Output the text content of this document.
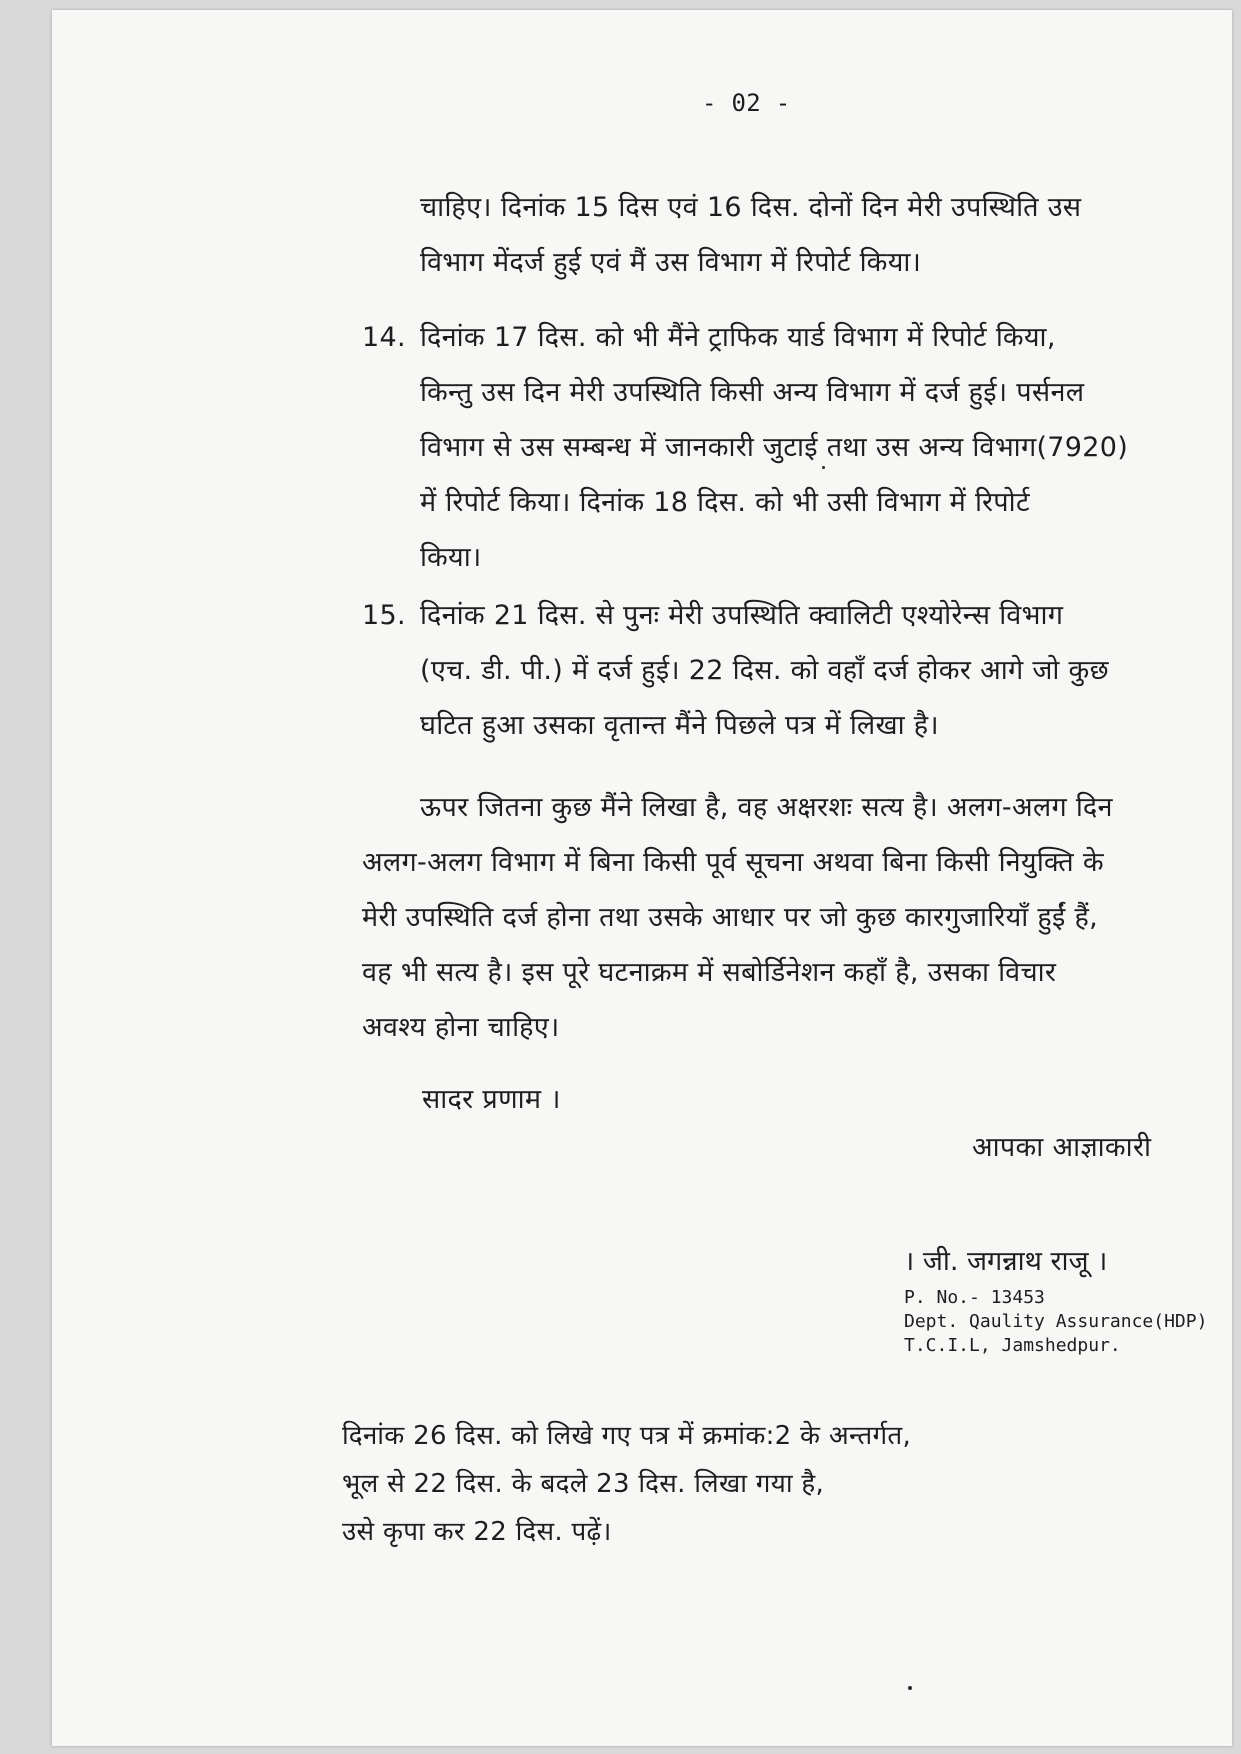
- 02 -
चाहिए। दिनांक 15 दिस एवं 16 दिस. दोनों दिन मेरी उपस्थिति उस
विभाग मेंदर्ज हुई एवं मैं उस विभाग में रिपोर्ट किया।
14. दिनांक 17 दिस. को भी मैंने ट्राफिक यार्ड विभाग में रिपोर्ट किया,
किन्तु उस दिन मेरी उपस्थिति किसी अन्य विभाग में दर्ज हुई। पर्सनल
विभाग से उस सम्बन्ध में जानकारी जुटाई तथा उस अन्य विभाग(7920)
में रिपोर्ट किया। दिनांक 18 दिस. को भी उसी विभाग में रिपोर्ट
किया।
15. दिनांक 21 दिस. से पुनः मेरी उपस्थिति क्वालिटी एश्योरेन्स विभाग
(एच. डी. पी.) में दर्ज हुई। 22 दिस. को वहाँ दर्ज होकर आगे जो कुछ
घटित हुआ उसका वृतान्त मैंने पिछले पत्र में लिखा है।
ऊपर जितना कुछ मैंने लिखा है, वह अक्षरशः सत्य है। अलग-अलग दिन
अलग-अलग विभाग में बिना किसी पूर्व सूचना अथवा बिना किसी नियुक्ति के
मेरी उपस्थिति दर्ज होना तथा उसके आधार पर जो कुछ कारगुजारियाँ हुईं हैं,
वह भी सत्य है। इस पूरे घटनाक्रम में सबोर्डिनेशन कहाँ है, उसका विचार
अवश्य होना चाहिए।
सादर प्रणाम ।
आपका आज्ञाकारी
। जी. जगन्नाथ राजू ।
P. No.- 13453
Dept. Qaulity Assurance(HDP)
T.C.I.L, Jamshedpur.
दिनांक 26 दिस. को लिखे गए पत्र में क्रमांक:2 के अन्तर्गत,
भूल से 22 दिस. के बदले 23 दिस. लिखा गया है,
उसे कृपा कर 22 दिस. पढ़ें।
